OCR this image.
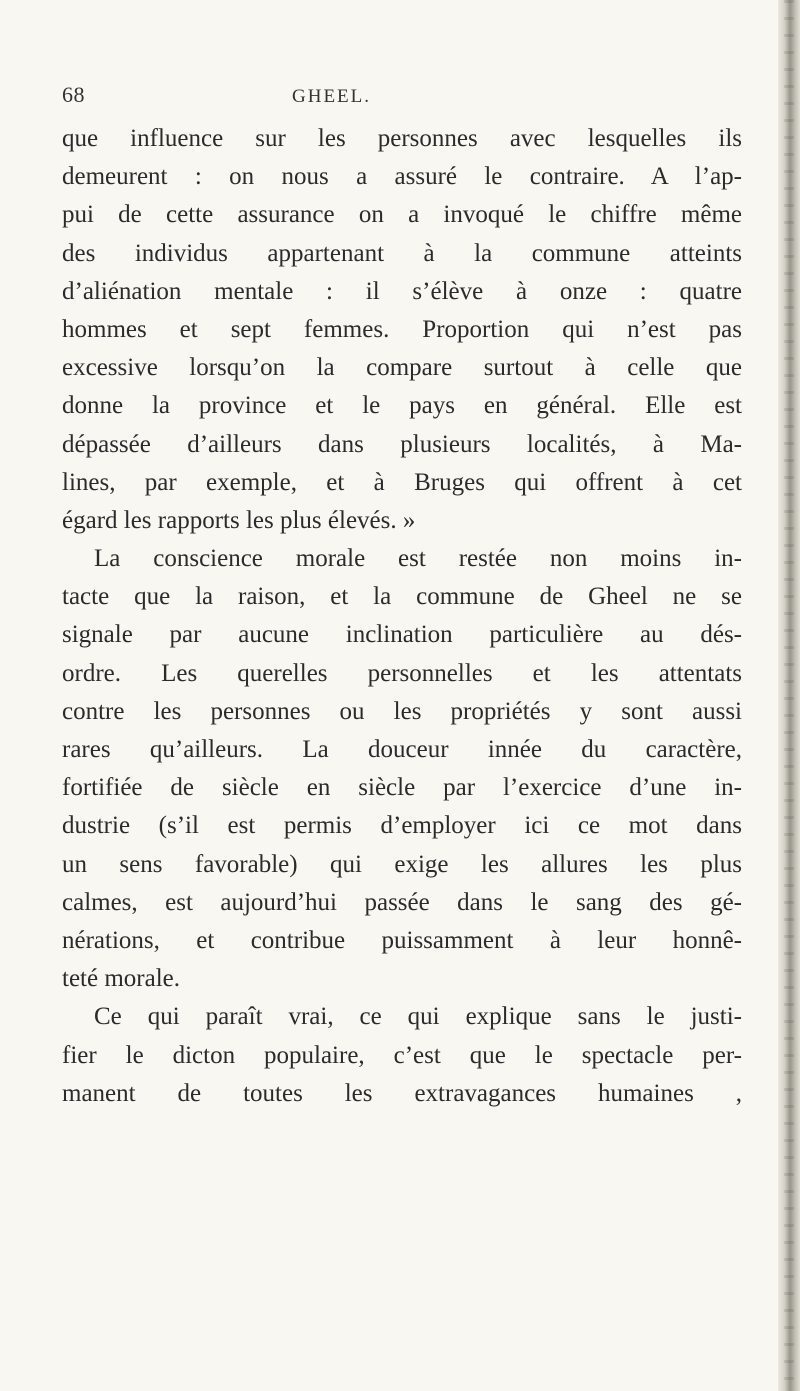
68	GHEEL.
que influence sur les personnes avec lesquelles ils
demeurent : on nous a assuré le contraire. A l’ap-
pui de cette assurance on a invoqué le chiffre même
des individus appartenant à la commune atteints
d’aliénation mentale : il s’élève à onze : quatre
hommes et sept femmes. Proportion qui n’est pas
excessive lorsqu’on la compare surtout à celle que
donne la province et le pays en général. Elle est
dépassée d’ailleurs dans plusieurs localités, à Ma-
lines, par exemple, et à Bruges qui offrent à cet
égard les rapports les plus élevés. »
La conscience morale est restée non moins in-
tacte que la raison, et la commune de Gheel ne se
signale par aucune inclination particulière au dés-
ordre. Les querelles personnelles et les attentats
contre les personnes ou les propriétés y sont aussi
rares qu’ailleurs. La douceur innée du caractère,
fortifiée de siècle en siècle par l’exercice d’une in-
dustrie (s’il est permis d’employer ici ce mot dans
un sens favorable) qui exige les allures les plus
calmes, est aujourd’hui passée dans le sang des gé-
nérations, et contribue puissamment à leur honnê-
teté morale.
Ce qui paraît vrai, ce qui explique sans le justi-
fier le dicton populaire, c’est que le spectacle per-
manent de toutes les extravagances humaines ,
